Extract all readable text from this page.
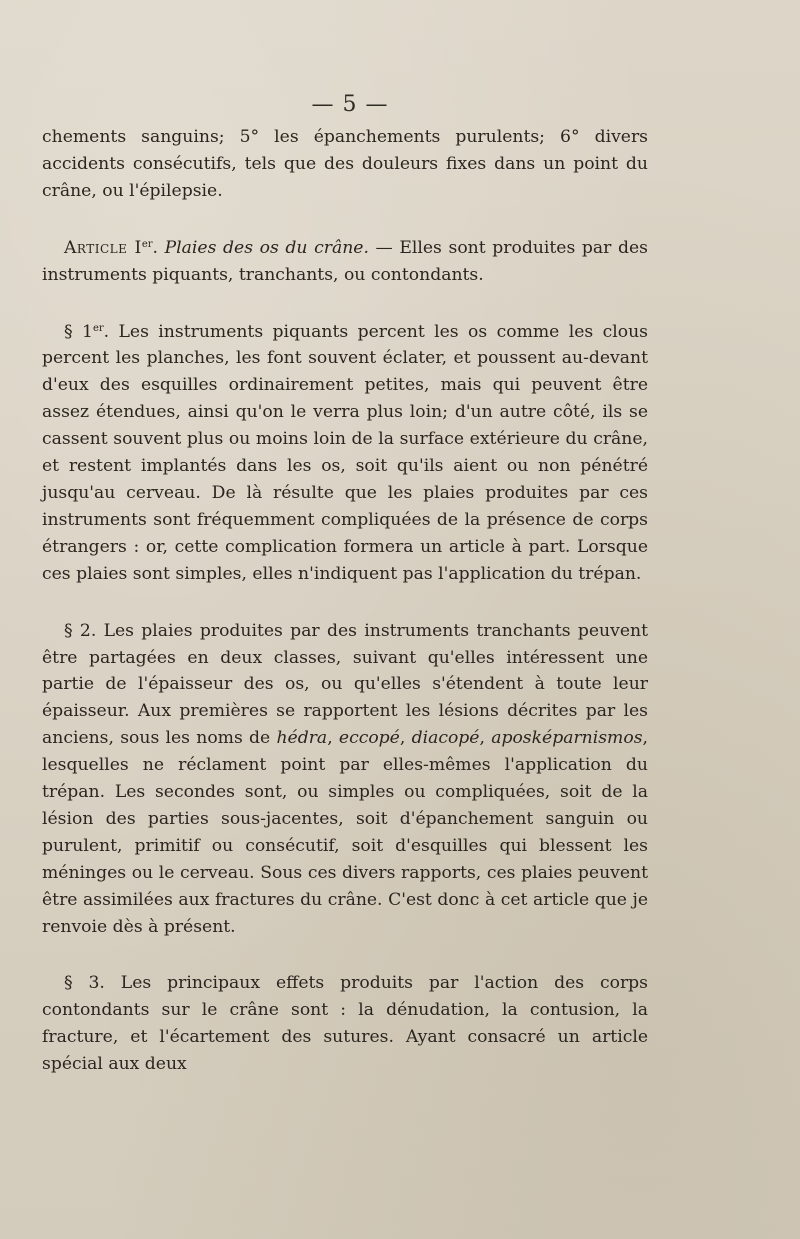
— 5 —

chements sanguins; 5° les épanchements purulents; 6° divers accidents consécutifs, tels que des douleurs fixes dans un point du crâne, ou l'épilepsie.

Article Ier. Plaies des os du crâne. — Elles sont produites par des instruments piquants, tranchants, ou contondants.

§ 1er. Les instruments piquants percent les os comme les clous percent les planches, les font souvent éclater, et poussent au-devant d'eux des esquilles ordinairement petites, mais qui peuvent être assez étendues, ainsi qu'on le verra plus loin; d'un autre côté, ils se cassent souvent plus ou moins loin de la surface extérieure du crâne, et restent implantés dans les os, soit qu'ils aient ou non pénétré jusqu'au cerveau. De là résulte que les plaies produites par ces instruments sont fréquemment compliquées de la présence de corps étrangers : or, cette complication formera un article à part. Lorsque ces plaies sont simples, elles n'indiquent pas l'application du trépan.

§ 2. Les plaies produites par des instruments tranchants peuvent être partagées en deux classes, suivant qu'elles intéressent une partie de l'épaisseur des os, ou qu'elles s'étendent à toute leur épaisseur. Aux premières se rapportent les lésions décrites par les anciens, sous les noms de hédra, eccopé, diacopé, aposképarnismos, lesquelles ne réclament point par elles-mêmes l'application du trépan. Les secondes sont, ou simples ou compliquées, soit de la lésion des parties sous-jacentes, soit d'épanchement sanguin ou purulent, primitif ou consécutif, soit d'esquilles qui blessent les méninges ou le cerveau. Sous ces divers rapports, ces plaies peuvent être assimilées aux fractures du crâne. C'est donc à cet article que je renvoie dès à présent.

§ 3. Les principaux effets produits par l'action des corps contondants sur le crâne sont : la dénudation, la contusion, la fracture, et l'écartement des sutures. Ayant consacré un article spécial aux deux
